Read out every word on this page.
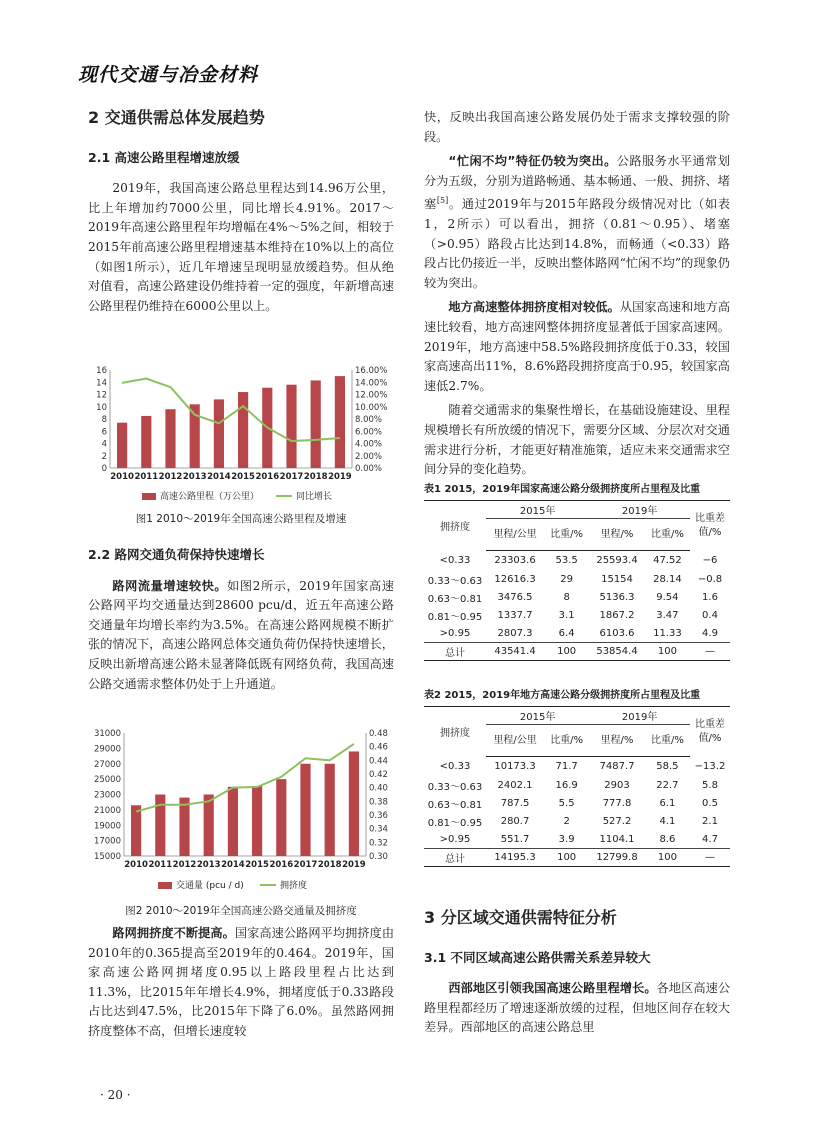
现代交通与冶金材料
2 交通供需总体发展趋势
2.1 高速公路里程增速放缓

2019年，我国高速公路总里程达到14.96万公里，比上年增加约7000公里，同比增长4.91%。2017～2019年高速公路里程年均增幅在4%～5%之间，相较于2015年前高速公路里程增速基本维持在10%以上的高位（如图1所示），近几年增速呈现明显放缓趋势。但从绝对值看，高速公路建设仍维持着一定的强度，年新增高速公路里程仍维持在6000公里以上。

0
2
4
6
8
10
12
14
16
0.00%
2.00%
4.00%
6.00%
8.00%
10.00%
12.00%
14.00%
16.00%
2010 2011 2012 2013 2014 2015 2016 2017 2018 2019
高速公路里程（万公里）	同比增长
图1 2010～2019年全国高速公路里程及增速
2.2 路网交通负荷保持快速增长

路网流量增速较快。如图2所示，2019年国家高速公路网平均交通量达到28600 pcu/d，近五年高速公路交通量年均增长率约为3.5%。在高速公路网规模不断扩张的情况下，高速公路网总体交通负荷仍保持快速增长，反映出新增高速公路未显著降低既有网络负荷，我国高速公路交通需求整体仍处于上升通道。

15000
17000
19000
21000
23000
25000
27000
29000
31000
0.30
0.32
0.34
0.36
0.38
0.40
0.42
0.44
0.46
0.48
2010 2011 2012 2013 2014 2015 2016 2017 2018 2019
交通量 (pcu / d)	拥挤度
图2 2010～2019年全国高速公路交通量及拥挤度

路网拥挤度不断提高。国家高速公路网平均拥挤度由2010年的0.365提高至2019年的0.464。2019年，国家高速公路网拥堵度0.95以上路段里程占比达到11.3%，比2015年年增长4.9%，拥堵度低于0.33路段占比达到47.5%，比2015年下降了6.0%。虽然路网拥挤度整体不高，但增长速度较

快，反映出我国高速公路发展仍处于需求支撑较强的阶段。

“忙闲不均”特征仍较为突出。公路服务水平通常划分为五级，分别为道路畅通、基本畅通、一般、拥挤、堵塞[5]。通过2019年与2015年路段分级情况对比（如表1，2所示）可以看出，拥挤（0.81～0.95）、堵塞（>0.95）路段占比达到14.8%，而畅通（<0.33）路段占比仍接近一半，反映出整体路网“忙闲不均”的现象仍较为突出。

地方高速整体拥挤度相对较低。从国家高速和地方高速比较看，地方高速网整体拥挤度显著低于国家高速网。2019年，地方高速中58.5%路段拥挤度低于0.33，较国家高速高出11%，8.6%路段拥挤度高于0.95，较国家高速低2.7%。

随着交通需求的集聚性增长，在基础设施建设、里程规模增长有所放缓的情况下，需要分区域、分层次对交通需求进行分析，才能更好精准施策，适应未来交通需求空间分异的变化趋势。

表1 2015，2019年国家高速公路分级拥挤度所占里程及比重
拥挤度	2015年		2019年		比重差值/%
	里程/公里	比重/%	里程/%	比重/%	
<0.33	23303.6	53.5	25593.4	47.52	−6
0.33～0.63	12616.3	29	15154	28.14	−0.8
0.63～0.81	3476.5	8	5136.3	9.54	1.6
0.81～0.95	1337.7	3.1	1867.2	3.47	0.4
>0.95	2807.3	6.4	6103.6	11.33	4.9
总计	43541.4	100	53854.4	100	—
表2 2015，2019年地方高速公路分级拥挤度所占里程及比重
拥挤度	2015年		2019年		比重差值/%
	里程/公里	比重/%	里程/%	比重/%	
<0.33	10173.3	71.7	7487.7	58.5	−13.2
0.33～0.63	2402.1	16.9	2903	22.7	5.8
0.63～0.81	787.5	5.5	777.8	6.1	0.5
0.81～0.95	280.7	2	527.2	4.1	2.1
>0.95	551.7	3.9	1104.1	8.6	4.7
总计	14195.3	100	12799.8	100	—
3 分区域交通供需特征分析
3.1 不同区域高速公路供需关系差异较大

西部地区引领我国高速公路里程增长。各地区高速公路里程都经历了增速逐渐放缓的过程，但地区间存在较大差异。西部地区的高速公路总里

· 20 ·
